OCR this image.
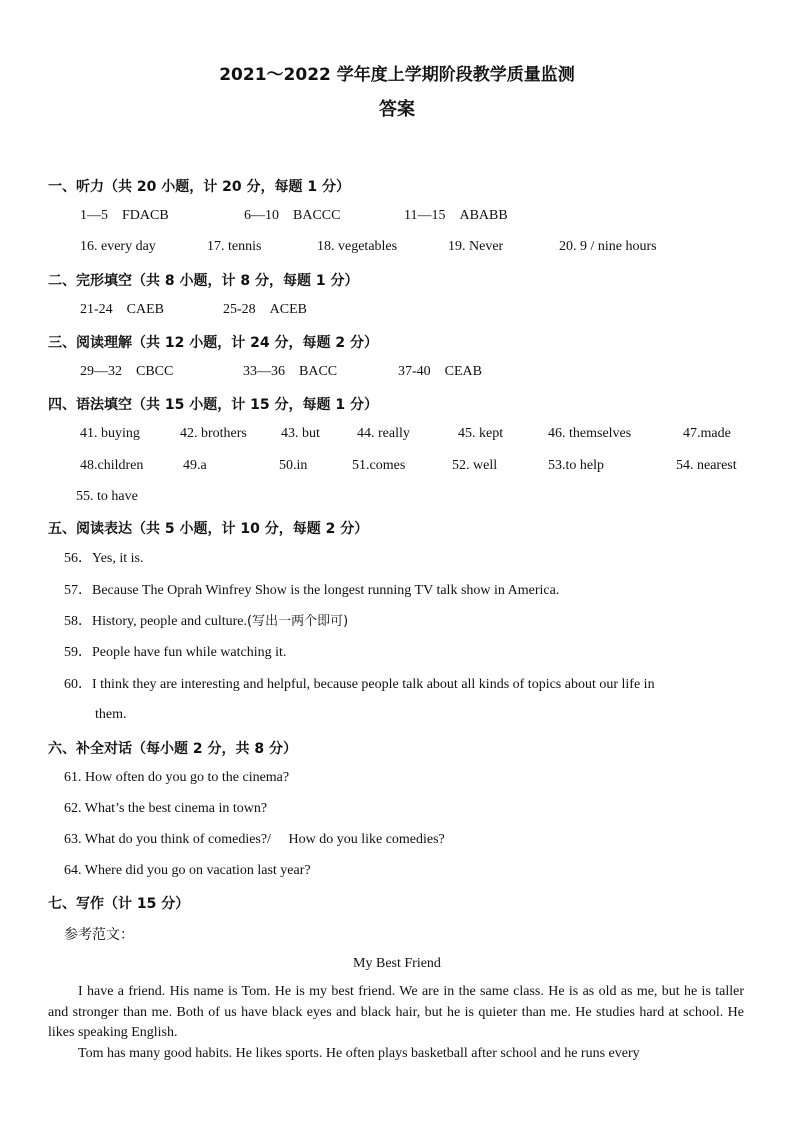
2021～2022 学年度上学期阶段教学质量监测
答案
一、听力（共 20 小题，计 20 分，每题 1 分）
1—5　FDACB	6—10　BACCC	11—15　ABABB
16. every day	17. tennis	18. vegetables	19. Never	20. 9 / nine hours
二、完形填空（共 8 小题，计 8 分，每题 1 分）
21-24　CAEB	25-28　ACEB
三、阅读理解（共 12 小题，计 24 分，每题 2 分）
29—32　CBCC	33—36　BACC	37-40　CEAB
四、语法填空（共 15 小题，计 15 分，每题 1 分）
41. buying	42. brothers 43. but	44. really	45. kept	46. themselves	47.made
48.children	49.a	50.in	51.comes	52. well	53.to help	54. nearest
55. to have
五、阅读表达（共 5 小题，计 10 分，每题 2 分）
56．Yes, it is.
57．Because The Oprah Winfrey Show is the longest running TV talk show in America.
58．History, people and culture.(写出一两个即可)
59．People have fun while watching it.
60．I think they are interesting and helpful, because people talk about all kinds of topics about our life in
them.
六、补全对话（每小题 2 分，共 8 分）
61. How often do you go to the cinema?
62. What’s the best cinema in town?
63. What do you think of comedies?/　 How do you like comedies?
64. Where did you go on vacation last year?
七、写作（计 15 分）
参考范文：
My Best Friend
I have a friend. His name is Tom. He is my best friend. We are in the same class. He is as old as me, but he is taller and stronger than me. Both of us have black eyes and black hair, but he is quieter than me. He studies hard at school. He likes speaking English.
Tom has many good habits. He likes sports. He often plays basketball after school and he runs every
